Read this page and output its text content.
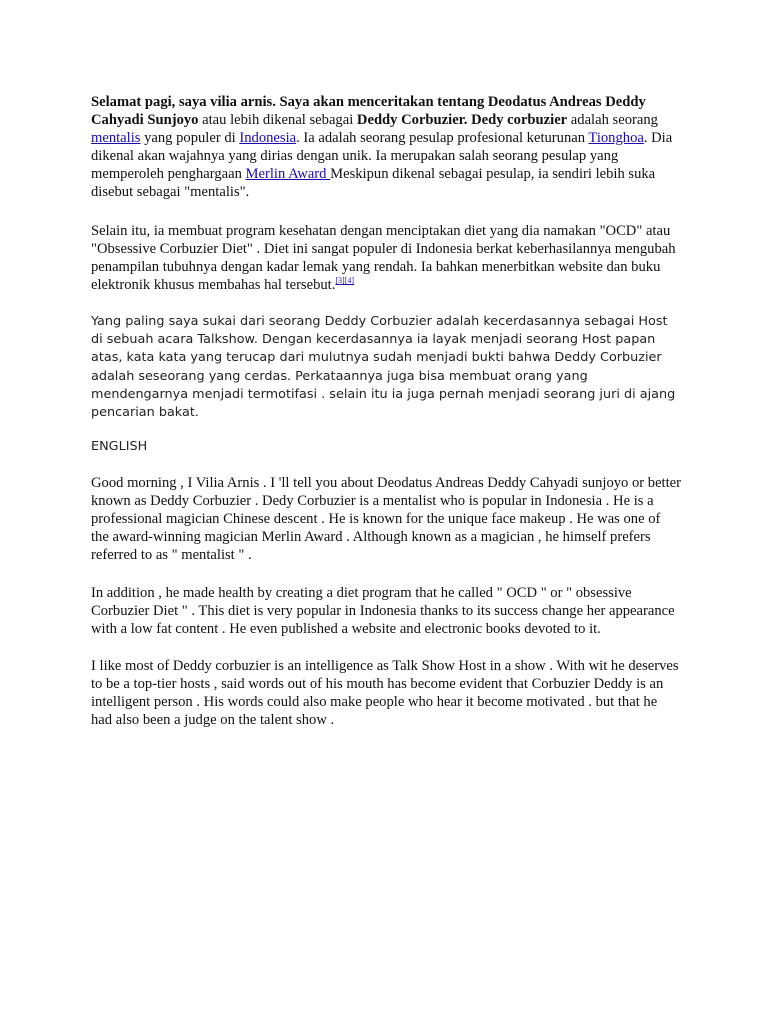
Selamat pagi, saya vilia arnis. Saya akan menceritakan tentang Deodatus Andreas Deddy Cahyadi Sunjoyo atau lebih dikenal sebagai Deddy Corbuzier. Dedy corbuzier adalah seorang mentalis yang populer di Indonesia. Ia adalah seorang pesulap profesional keturunan Tionghoa. Dia dikenal akan wajahnya yang dirias dengan unik. Ia merupakan salah seorang pesulap yang memperoleh penghargaan Merlin Award Meskipun dikenal sebagai pesulap, ia sendiri lebih suka disebut sebagai "mentalis".

Selain itu, ia membuat program kesehatan dengan menciptakan diet yang dia namakan "OCD" atau "Obsessive Corbuzier Diet" . Diet ini sangat populer di Indonesia berkat keberhasilannya mengubah penampilan tubuhnya dengan kadar lemak yang rendah. Ia bahkan menerbitkan website dan buku elektronik khusus membahas hal tersebut.[3][4]

Yang paling saya sukai dari seorang Deddy Corbuzier adalah kecerdasannya sebagai Host di sebuah acara Talkshow. Dengan kecerdasannya ia layak menjadi seorang Host papan atas, kata kata yang terucap dari mulutnya sudah menjadi bukti bahwa Deddy Corbuzier adalah seseorang yang cerdas. Perkataannya juga bisa membuat orang yang mendengarnya menjadi termotifasi . selain itu ia juga pernah menjadi seorang juri di ajang pencarian bakat.

ENGLISH

Good morning , I Vilia Arnis . I 'll tell you about Deodatus Andreas Deddy Cahyadi sunjoyo or better known as Deddy Corbuzier . Dedy Corbuzier is a mentalist who is popular in Indonesia . He is a professional magician Chinese descent . He is known for the unique face makeup . He was one of the award-winning magician Merlin Award . Although known as a magician , he himself prefers referred to as " mentalist " .

In addition , he made health by creating a diet program that he called " OCD " or " obsessive Corbuzier Diet " . This diet is very popular in Indonesia thanks to its success change her appearance with a low fat content . He even published a website and electronic books devoted to it.

I like most of Deddy corbuzier is an intelligence as Talk Show Host in a show . With wit he deserves to be a top-tier hosts , said words out of his mouth has become evident that Corbuzier Deddy is an intelligent person . His words could also make people who hear it become motivated . but that he had also been a judge on the talent show .
